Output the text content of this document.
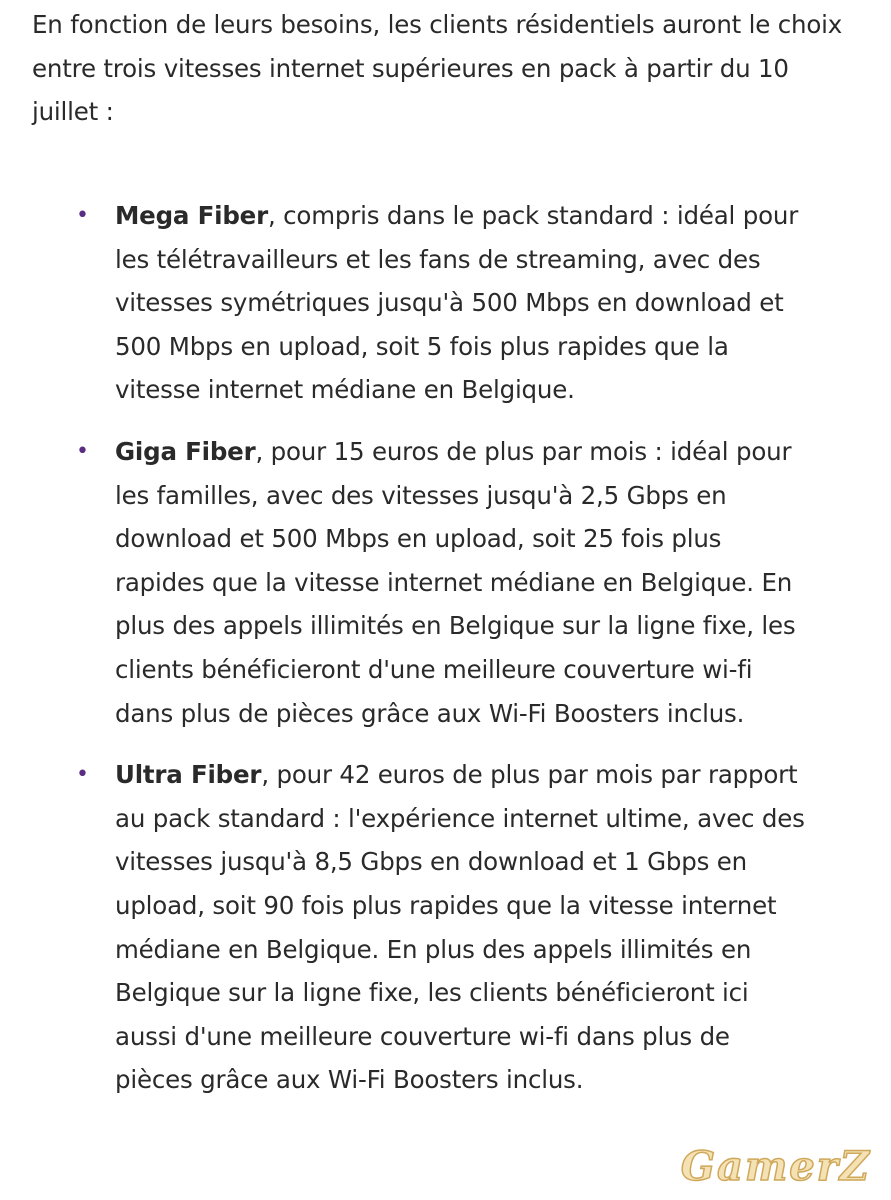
En fonction de leurs besoins, les clients résidentiels auront le choix entre trois vitesses internet supérieures en pack à partir du 10 juillet :

• Mega Fiber, compris dans le pack standard : idéal pour les télétravailleurs et les fans de streaming, avec des vitesses symétriques jusqu'à 500 Mbps en download et 500 Mbps en upload, soit 5 fois plus rapides que la vitesse internet médiane en Belgique.
• Giga Fiber, pour 15 euros de plus par mois : idéal pour les familles, avec des vitesses jusqu'à 2,5 Gbps en download et 500 Mbps en upload, soit 25 fois plus rapides que la vitesse internet médiane en Belgique. En plus des appels illimités en Belgique sur la ligne fixe, les clients bénéficieront d'une meilleure couverture wi-fi dans plus de pièces grâce aux Wi-Fi Boosters inclus.
• Ultra Fiber, pour 42 euros de plus par mois par rapport au pack standard : l'expérience internet ultime, avec des vitesses jusqu'à 8,5 Gbps en download et 1 Gbps en upload, soit 90 fois plus rapides que la vitesse internet médiane en Belgique. En plus des appels illimités en Belgique sur la ligne fixe, les clients bénéficieront ici aussi d'une meilleure couverture wi-fi dans plus de pièces grâce aux Wi-Fi Boosters inclus.
GamerZ
